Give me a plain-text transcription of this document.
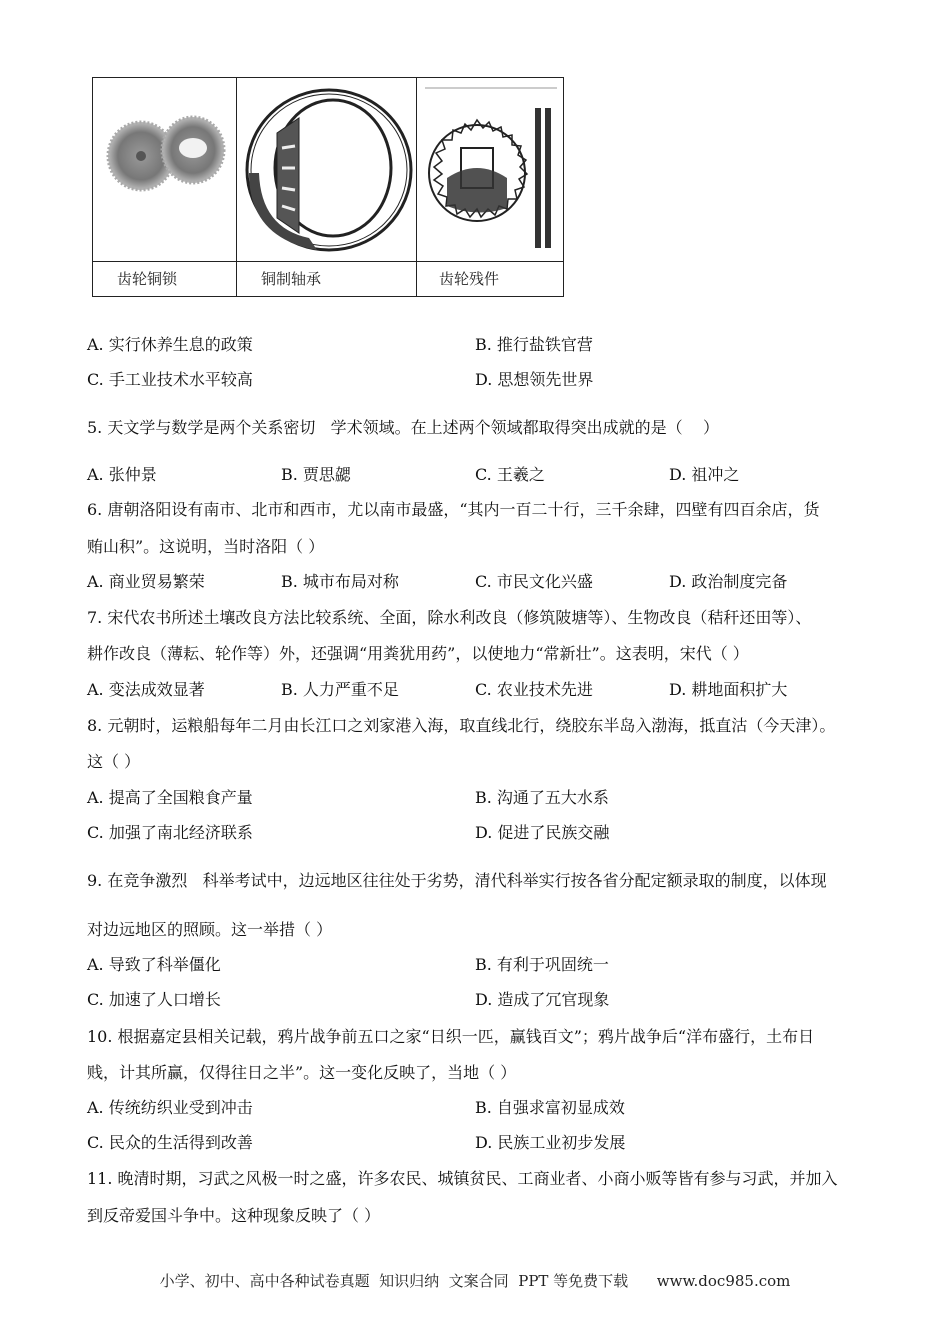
齿轮铜锁	铜制轴承	齿轮残件
A. 实行休养生息的政策	B. 推行盐铁官营
C. 手工业技术水平较高	D. 思想领先世界
5. 天文学与数学是两个关系密切   学术领域。在上述两个领域都取得突出成就的是（    ）
A. 张仲景	B. 贾思勰	C. 王羲之	D. 祖冲之
6. 唐朝洛阳设有南市、北市和西市，尤以南市最盛，“其内一百二十行，三千余肆，四壁有四百余店，货
贿山积”。这说明，当时洛阳（ ）
A. 商业贸易繁荣	B. 城市布局对称	C. 市民文化兴盛	D. 政治制度完备
7. 宋代农书所述土壤改良方法比较系统、全面，除水利改良（修筑陂塘等）、生物改良（秸秆还田等）、
耕作改良（薄耘、轮作等）外，还强调“用粪犹用药”，以使地力“常新壮”。这表明，宋代（ ）
A. 变法成效显著	B. 人力严重不足	C. 农业技术先进	D. 耕地面积扩大
8. 元朝时，运粮船每年二月由长江口之刘家港入海，取直线北行，绕胶东半岛入渤海，抵直沽（今天津）。
这（ ）
A. 提高了全国粮食产量	B. 沟通了五大水系
C. 加强了南北经济联系	D. 促进了民族交融
9. 在竞争激烈   科举考试中，边远地区往往处于劣势，清代科举实行按各省分配定额录取的制度，以体现
对边远地区的照顾。这一举措（ ）
A. 导致了科举僵化	B. 有利于巩固统一
C. 加速了人口增长	D. 造成了冗官现象
10. 根据嘉定县相关记载，鸦片战争前五口之家“日织一匹，赢钱百文”；鸦片战争后“洋布盛行，土布日
贱，计其所赢，仅得往日之半”。这一变化反映了，当地（ ）
A. 传统纺织业受到冲击	B. 自强求富初显成效
C. 民众的生活得到改善	D. 民族工业初步发展
11. 晚清时期，习武之风极一时之盛，许多农民、城镇贫民、工商业者、小商小贩等皆有参与习武，并加入
到反帝爱国斗争中。这种现象反映了（ ）
小学、初中、高中各种试卷真题  知识归纳  文案合同  PPT 等免费下载      www.doc985.com
